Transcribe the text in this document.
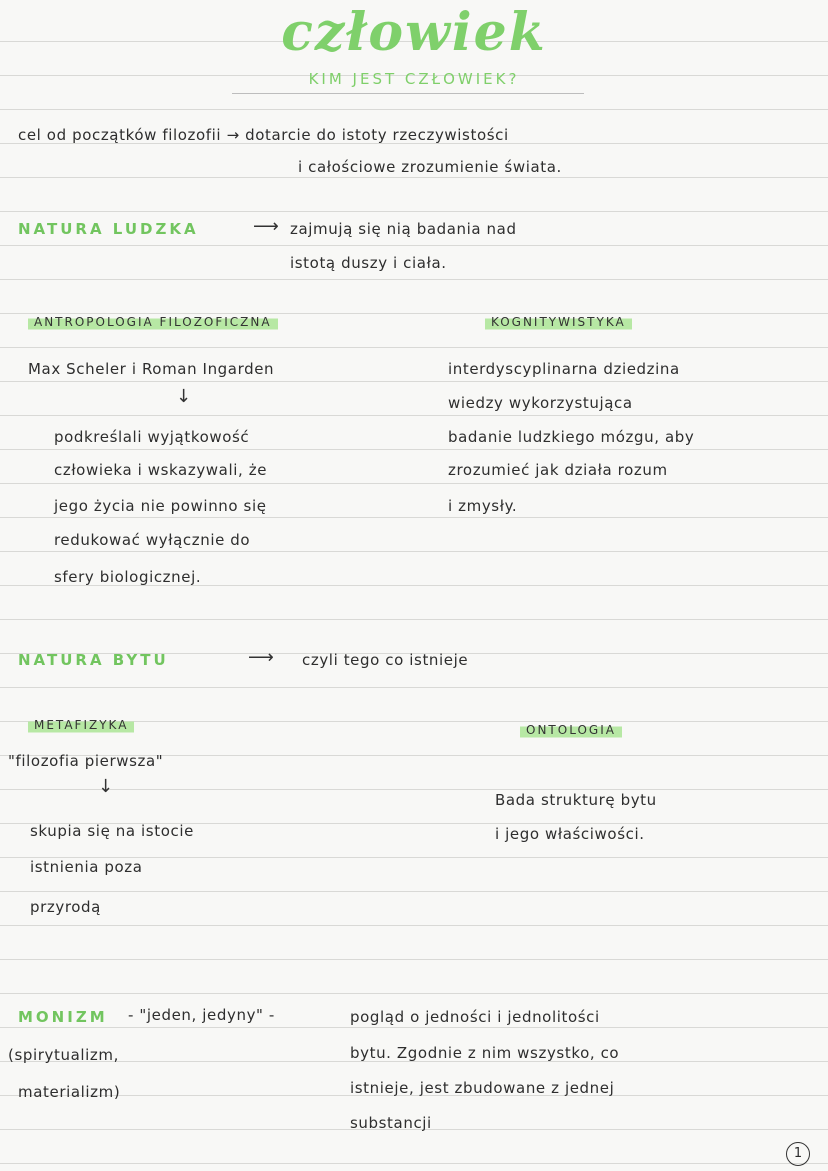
człowiek
KIM JEST CZŁOWIEK?
cel od początków filozofii → dotarcie do istoty rzeczywistości
i całościowe zrozumienie świata.
NATURA LUDZKA	⟶ zajmują się nią badania nad
istotą duszy i ciała.
ANTROPOLOGIA FILOZOFICZNA
Max Scheler i Roman Ingarden
↓
podkreślali wyjątkowość
człowieka i wskazywali, że
jego życia nie powinno się
redukować wyłącznie do
sfery biologicznej.
KOGNITYWISTYKA
interdyscyplinarna dziedzina
wiedzy wykorzystująca
badanie ludzkiego mózgu, aby
zrozumieć jak działa rozum
i zmysły.
NATURA BYTU	⟶ czyli tego co istnieje
METAFIZYKA
"filozofia pierwsza"
↓
skupia się na istocie
istnienia poza
przyrodą
ONTOLOGIA
Bada strukturę bytu
i jego właściwości.
MONIZM - "jeden, jedyny" -
(spirytualizm,
materializm)
pogląd o jedności i jednolitości
bytu. Zgodnie z nim wszystko, co
istnieje, jest zbudowane z jednej
substancji
1
